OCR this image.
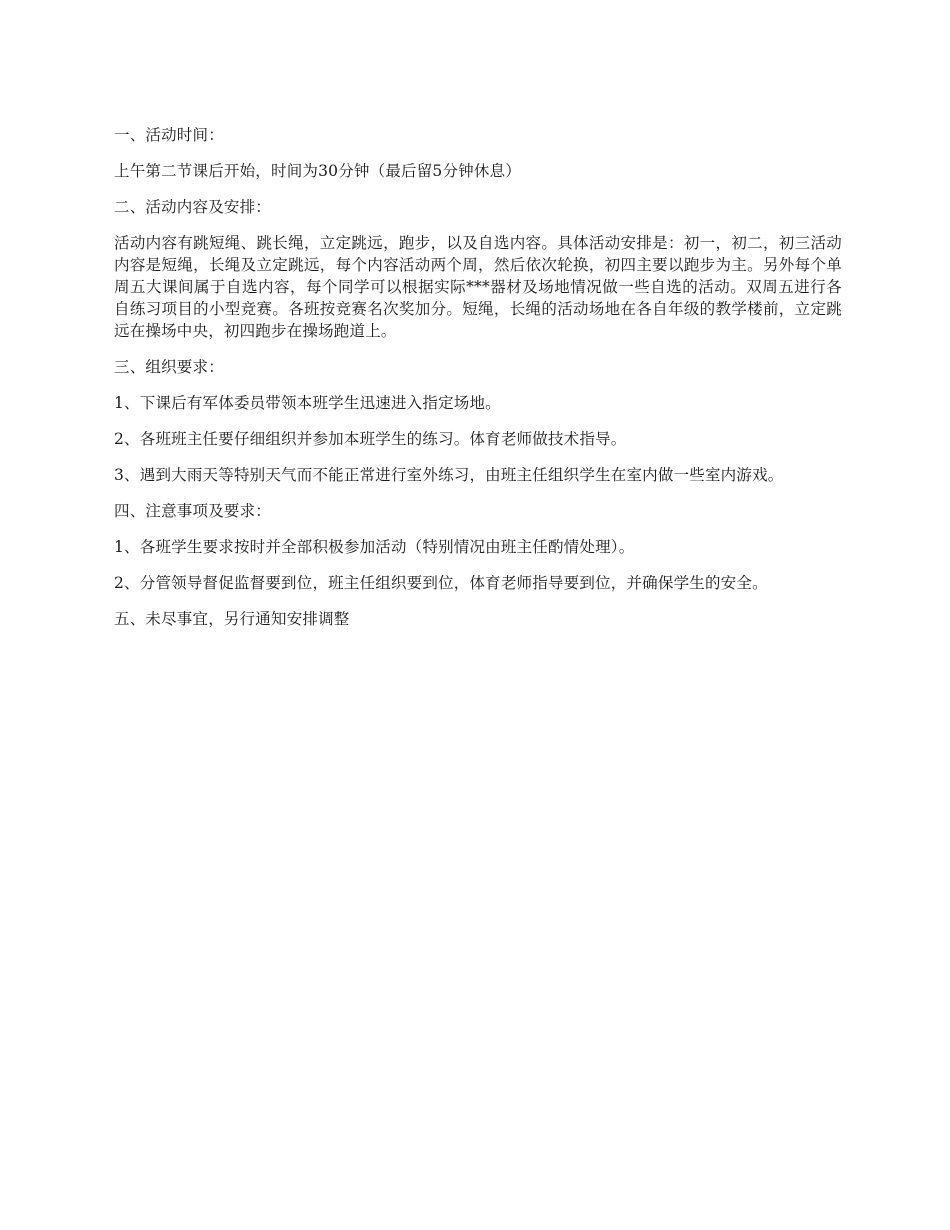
一、活动时间：

上午第二节课后开始，时间为30分钟（最后留5分钟休息）

二、活动内容及安排：

活动内容有跳短绳、跳长绳，立定跳远，跑步，以及自选内容。具体活动安排是：初一，初二，初三活动内容是短绳，长绳及立定跳远，每个内容活动两个周，然后依次轮换，初四主要以跑步为主。另外每个单周五大课间属于自选内容，每个同学可以根据实际***器材及场地情况做一些自选的活动。双周五进行各自练习项目的小型竞赛。各班按竞赛名次奖加分。短绳，长绳的活动场地在各自年级的教学楼前，立定跳远在操场中央，初四跑步在操场跑道上。

三、组织要求：

1、下课后有军体委员带领本班学生迅速进入指定场地。

2、各班班主任要仔细组织并参加本班学生的练习。体育老师做技术指导。

3、遇到大雨天等特别天气而不能正常进行室外练习，由班主任组织学生在室内做一些室内游戏。

四、注意事项及要求：

1、各班学生要求按时并全部积极参加活动（特别情况由班主任酌情处理）。

2、分管领导督促监督要到位，班主任组织要到位，体育老师指导要到位，并确保学生的安全。

五、未尽事宜，另行通知安排调整
